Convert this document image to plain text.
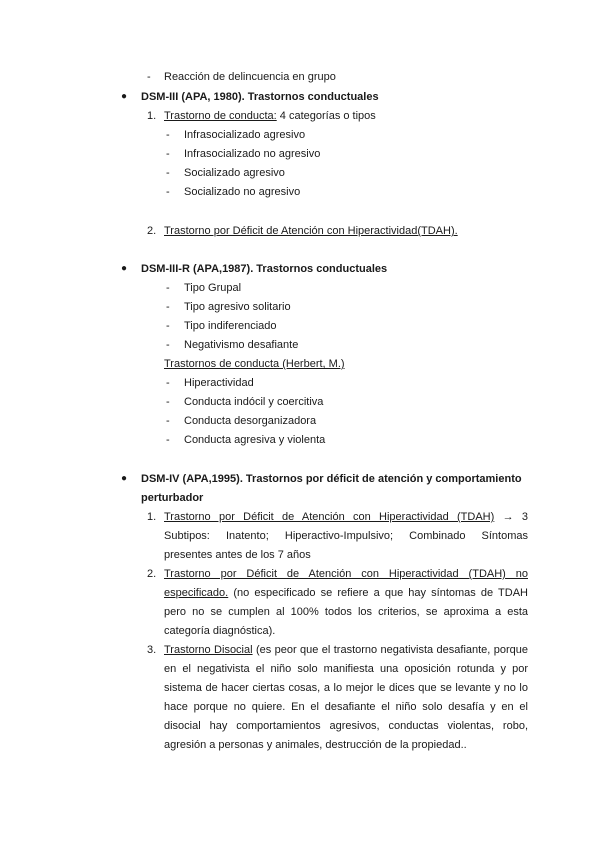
- Reacción de delincuencia en grupo
● DSM-III (APA, 1980). Trastornos conductuales
1. Trastorno de conducta: 4 categorías o tipos
- Infrasocializado agresivo
- Infrasocializado no agresivo
- Socializado agresivo
- Socializado no agresivo
2. Trastorno por Déficit de Atención con Hiperactividad(TDAH).
● DSM-III-R (APA,1987). Trastornos conductuales
- Tipo Grupal
- Tipo agresivo solitario
- Tipo indiferenciado
- Negativismo desafiante
Trastornos de conducta (Herbert, M.)
- Hiperactividad
- Conducta indócil y coercitiva
- Conducta desorganizadora
- Conducta agresiva y violenta
● DSM-IV (APA,1995). Trastornos por déficit de atención y comportamiento
perturbador
1. Trastorno por Déficit de Atención con Hiperactividad (TDAH) → 3
Subtipos: Inatento; Hiperactivo-Impulsivo; Combinado Síntomas
presentes antes de los 7 años
2. Trastorno por Déficit de Atención con Hiperactividad (TDAH) no
especificado. (no especificado se refiere a que hay síntomas de TDAH
pero no se cumplen al 100% todos los criterios, se aproxima a esta
categoría diagnóstica).
3. Trastorno Disocial (es peor que el trastorno negativista desafiante, porque
en el negativista el niño solo manifiesta una oposición rotunda y por
sistema de hacer ciertas cosas, a lo mejor le dices que se levante y no lo
hace porque no quiere. En el desafiante el niño solo desafía y en el
disocial hay comportamientos agresivos, conductas violentas, robo,
agresión a personas y animales, destrucción de la propiedad..
